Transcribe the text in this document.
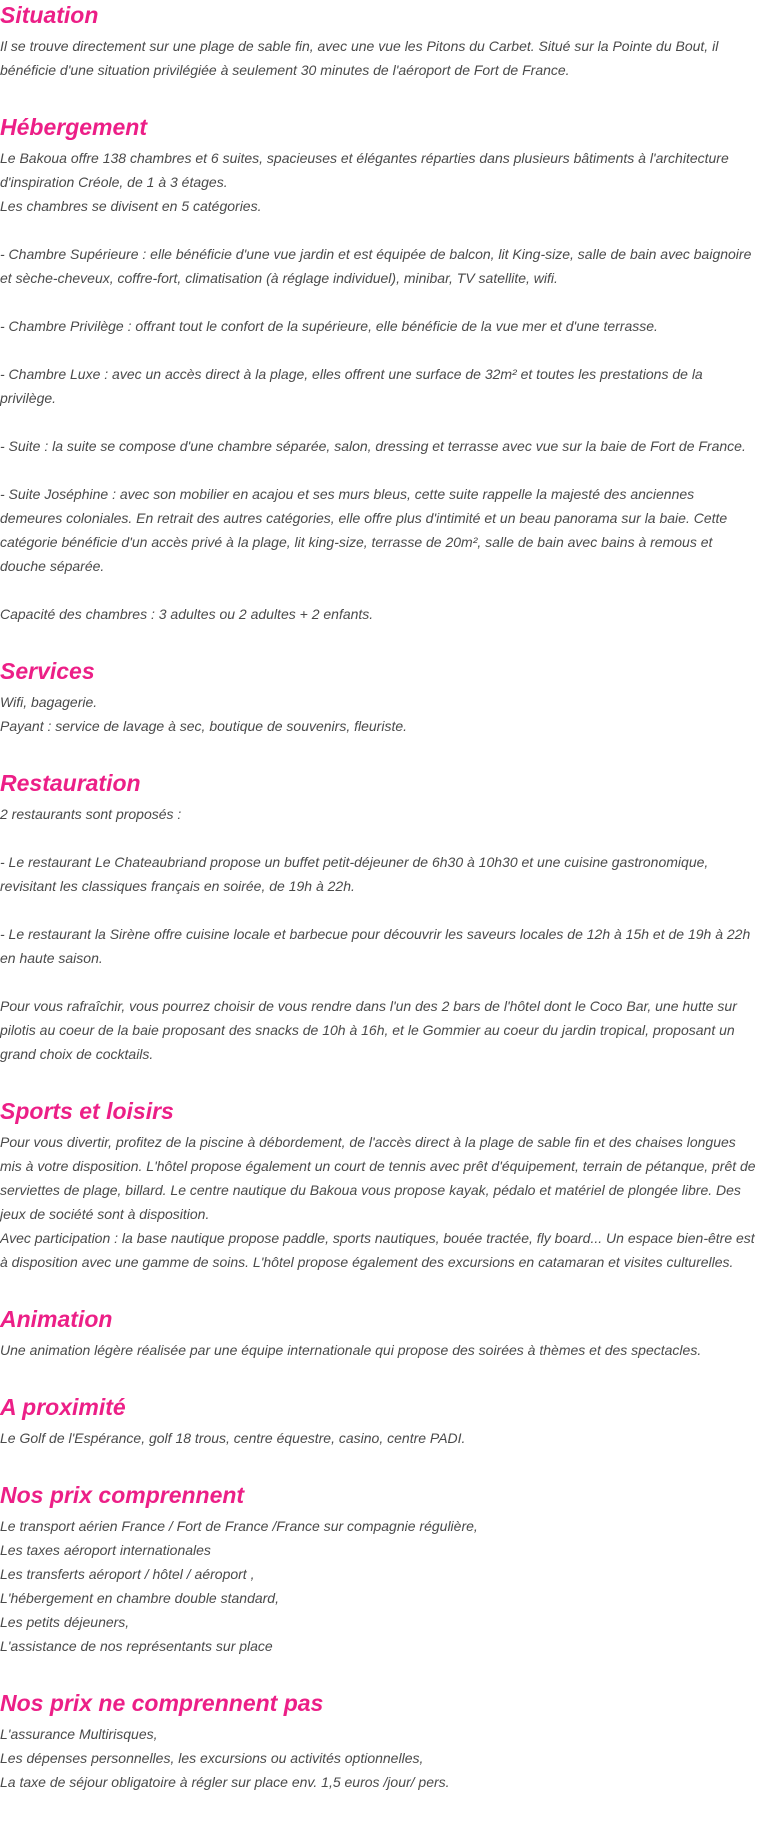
Situation

Il se trouve directement sur une plage de sable fin, avec une vue les Pitons du Carbet. Situé sur la Pointe du Bout, il bénéficie d'une situation privilégiée à seulement 30 minutes de l'aéroport de Fort de France.

Hébergement

Le Bakoua offre 138 chambres et 6 suites, spacieuses et élégantes réparties dans plusieurs bâtiments à l'architecture d'inspiration Créole, de 1 à 3 étages.

Les chambres se divisent en 5 catégories.

- Chambre Supérieure : elle bénéficie d'une vue jardin et est équipée de balcon, lit King-size, salle de bain avec baignoire et sèche-cheveux, coffre-fort, climatisation (à réglage individuel), minibar, TV satellite, wifi.

- Chambre Privilège : offrant tout le confort de la supérieure, elle bénéficie de la vue mer et d'une terrasse.

- Chambre Luxe : avec un accès direct à la plage, elles offrent une surface de 32m² et toutes les prestations de la privilège.

- Suite : la suite se compose d'une chambre séparée, salon, dressing et terrasse avec vue sur la baie de Fort de France.

- Suite Joséphine : avec son mobilier en acajou et ses murs bleus, cette suite rappelle la majesté des anciennes demeures coloniales. En retrait des autres catégories, elle offre plus d'intimité et un beau panorama sur la baie. Cette catégorie bénéficie d'un accès privé à la plage, lit king-size, terrasse de 20m², salle de bain avec bains à remous et douche séparée.

Capacité des chambres : 3 adultes ou 2 adultes + 2 enfants.

Services

Wifi, bagagerie.

Payant : service de lavage à sec, boutique de souvenirs, fleuriste.

Restauration

2 restaurants sont proposés :

- Le restaurant Le Chateaubriand propose un buffet petit-déjeuner de 6h30 à 10h30 et une cuisine gastronomique, revisitant les classiques français en soirée, de 19h à 22h.

- Le restaurant la Sirène offre cuisine locale et barbecue pour découvrir les saveurs locales de 12h à 15h et de 19h à 22h en haute saison.

Pour vous rafraîchir, vous pourrez choisir de vous rendre dans l'un des 2 bars de l'hôtel dont le Coco Bar, une hutte sur pilotis au coeur de la baie proposant des snacks de 10h à 16h, et le Gommier au coeur du jardin tropical, proposant un grand choix de cocktails.

Sports et loisirs

Pour vous divertir, profitez de la piscine à débordement, de l'accès direct à la plage de sable fin et des chaises longues mis à votre disposition. L'hôtel propose également un court de tennis avec prêt d'équipement, terrain de pétanque, prêt de serviettes de plage, billard. Le centre nautique du Bakoua vous propose kayak, pédalo et matériel de plongée libre. Des jeux de société sont à disposition.

Avec participation : la base nautique propose paddle, sports nautiques, bouée tractée, fly board... Un espace bien-être est à disposition avec une gamme de soins. L'hôtel propose également des excursions en catamaran et visites culturelles.

Animation

Une animation légère réalisée par une équipe internationale qui propose des soirées à thèmes et des spectacles.

A proximité

Le Golf de l'Espérance, golf 18 trous, centre équestre, casino, centre PADI.

Nos prix comprennent

Le transport aérien France / Fort de France /France sur compagnie régulière,

Les taxes aéroport internationales

Les transferts aéroport / hôtel / aéroport ,

L'hébergement en chambre double standard,

Les petits déjeuners,

L'assistance de nos représentants sur place

Nos prix ne comprennent pas

L'assurance Multirisques,

Les dépenses personnelles, les excursions ou activités optionnelles,

La taxe de séjour obligatoire à régler sur place env. 1,5 euros /jour/ pers.
